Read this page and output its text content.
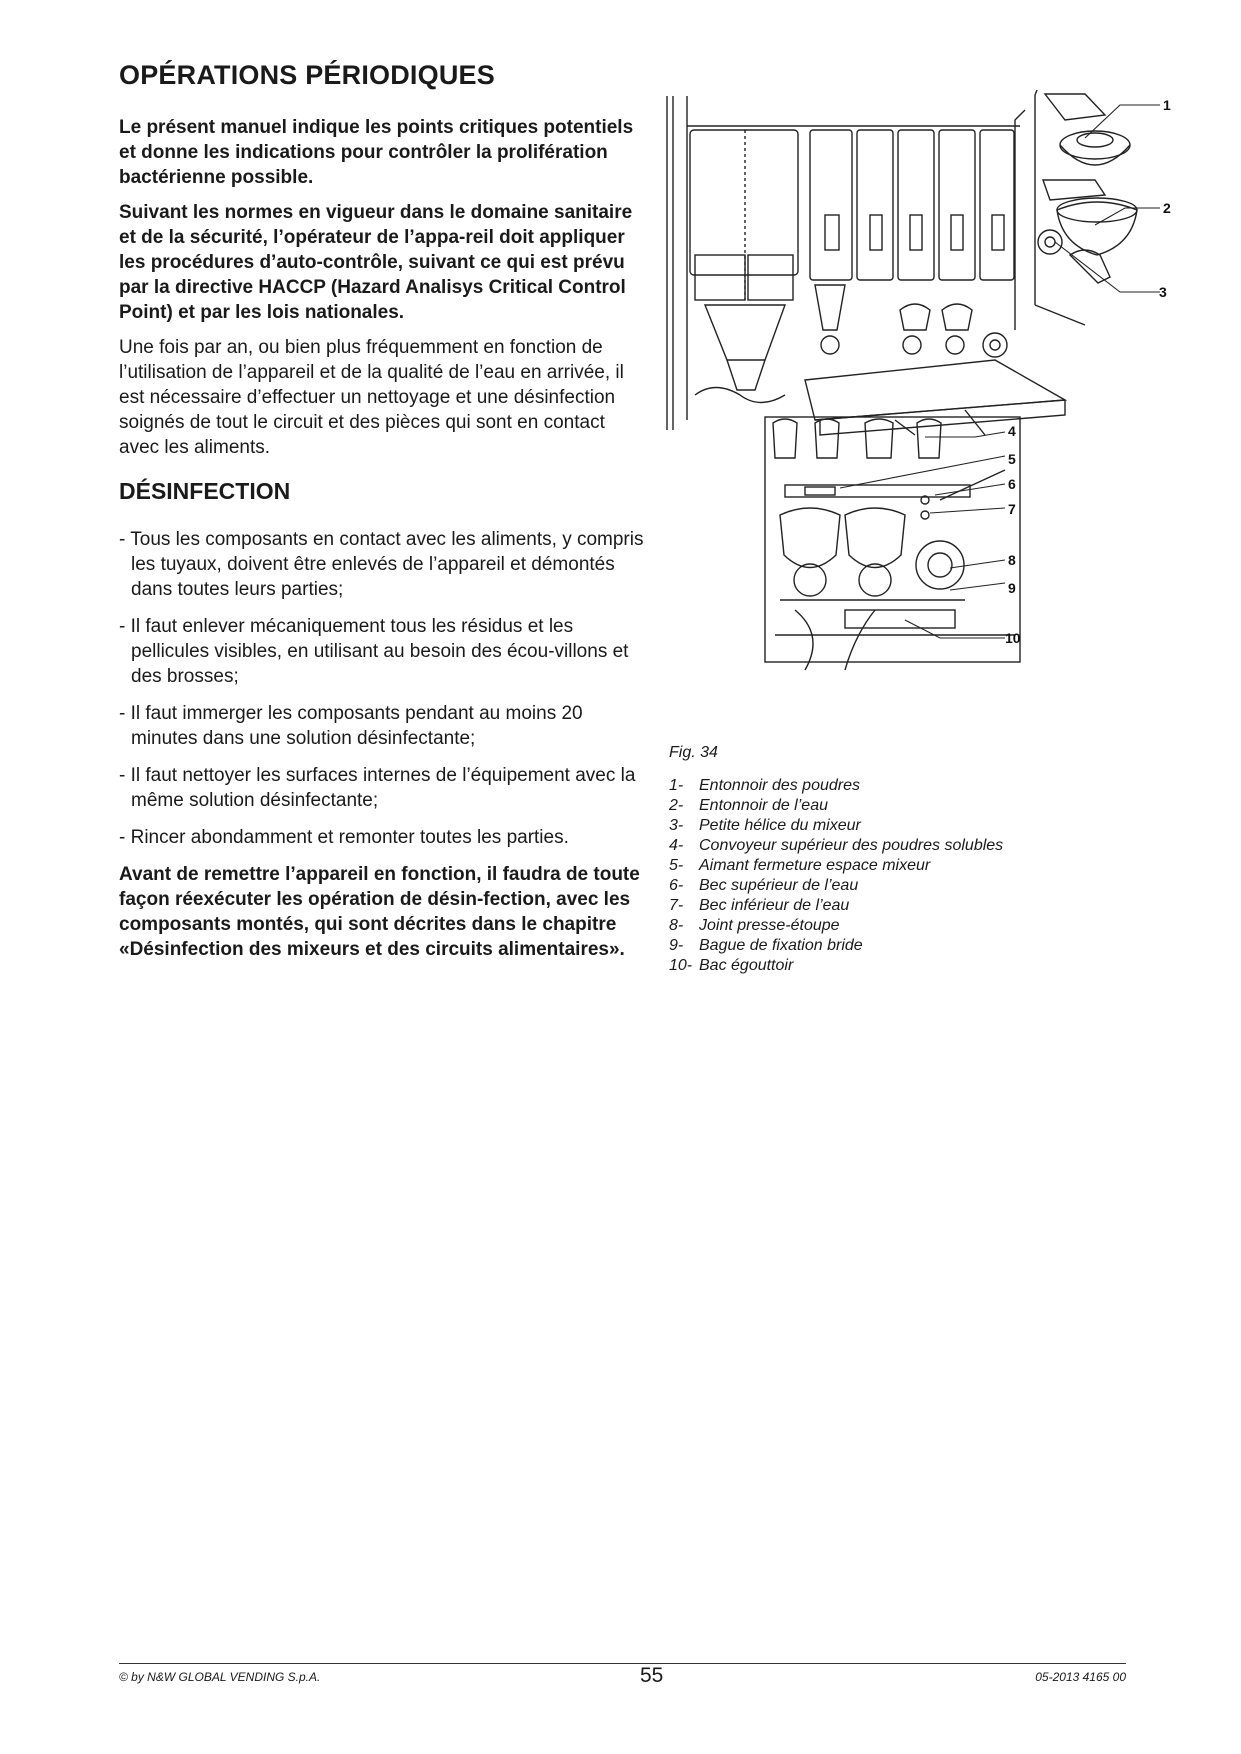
OPÉRATIONS PÉRIODIQUES

Le présent manuel indique les points critiques potentiels et donne les indications pour contrôler la prolifération bactérienne possible.

Suivant les normes en vigueur dans le domaine sanitaire et de la sécurité, l’opérateur de l’appa-reil doit appliquer les procédures d’auto-contrôle, suivant ce qui est prévu par la directive HACCP (Hazard Analisys Critical Control Point) et par les lois nationales.

Une fois par an, ou bien plus fréquemment en fonction de l’utilisation de l’appareil et de la qualité de l’eau en arrivée, il est nécessaire d’effectuer un nettoyage et une désinfection soignés de tout le circuit et des pièces qui sont en contact avec les aliments.

DÉSINFECTION
- Tous les composants en contact avec les aliments, y compris les tuyaux, doivent être enlevés de l’appareil et démontés dans toutes leurs parties;
- Il faut enlever mécaniquement tous les résidus et les pellicules visibles, en utilisant au besoin des écou-villons et des brosses;
- Il faut immerger les composants pendant au moins 20 minutes dans une solution désinfectante;
- Il faut nettoyer les surfaces internes de l’équipement avec la même solution désinfectante;
- Rincer abondamment et remonter toutes les parties.

Avant de remettre l’appareil en fonction, il faudra de toute façon réexécuter les opération de désin-fection, avec les composants montés, qui sont décrites dans le chapitre «Désinfection des mixeurs et des circuits alimentaires».

1
2
3
4
5
6
7
8
9
10
Fig. 34
1- Entonnoir des poudres
2- Entonnoir de l’eau
3- Petite hélice du mixeur
4- Convoyeur supérieur des poudres solubles
5- Aimant fermeture espace mixeur
6- Bec supérieur de l’eau
7- Bec inférieur de l’eau
8- Joint presse-étoupe
9- Bague de fixation bride
10- Bac égouttoir
© by N&W GLOBAL VENDING S.p.A.	55	05-2013 4165 00
